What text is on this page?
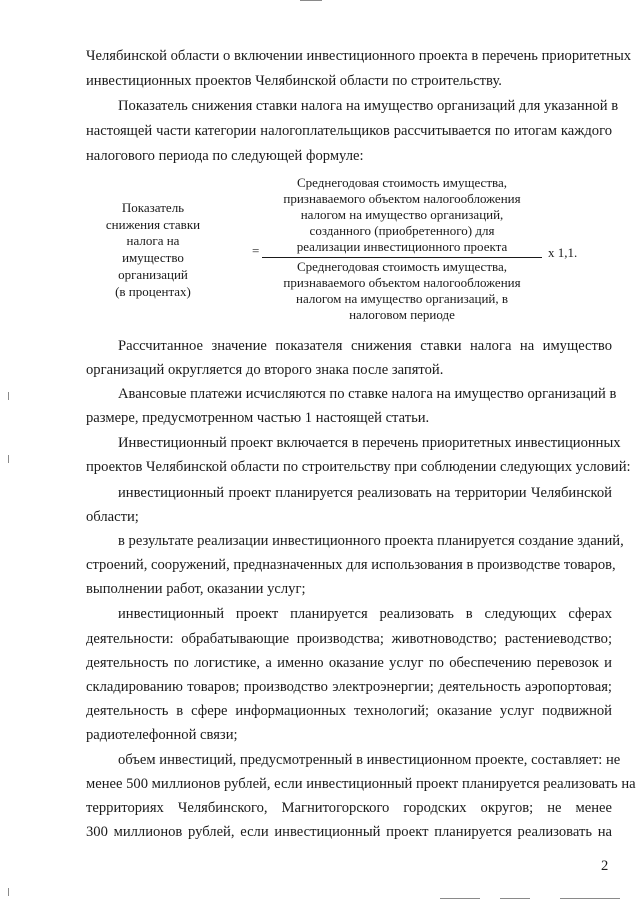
Челябинской области о включении инвестиционного проекта в перечень приоритетных
инвестиционных проектов Челябинской области по строительству.
Показатель снижения ставки налога на имущество организаций для указанной в
настоящей части категории налогоплательщиков рассчитывается по итогам каждого
налогового периода по следующей формуле:
Показатель
снижения ставки
налога на
имущество
организаций
(в процентах)
=
Среднегодовая стоимость имущества,
признаваемого объектом налогообложения
налогом на имущество организаций,
созданного (приобретенного) для
реализации инвестиционного проекта	х 1,1.
Среднегодовая стоимость имущества,
признаваемого объектом налогообложения
налогом на имущество организаций, в
налоговом периоде
Рассчитанное значение показателя снижения ставки налога на имущество
организаций округляется до второго знака после запятой.
Авансовые платежи исчисляются по ставке налога на имущество организаций в
размере, предусмотренном частью 1 настоящей статьи.
Инвестиционный проект включается в перечень приоритетных инвестиционных
проектов Челябинской области по строительству при соблюдении следующих условий:
инвестиционный проект планируется реализовать на территории Челябинской
области;
в результате реализации инвестиционного проекта планируется создание зданий,
строений, сооружений, предназначенных для использования в производстве товаров,
выполнении работ, оказании услуг;
инвестиционный проект планируется реализовать в следующих сферах
деятельности: обрабатывающие производства; животноводство; растениеводство;
деятельность по логистике, а именно оказание услуг по обеспечению перевозок и
складированию товаров; производство электроэнергии; деятельность аэропортовая;
деятельность в сфере информационных технологий; оказание услуг подвижной
радиотелефонной связи;
объем инвестиций, предусмотренный в инвестиционном проекте, составляет: не
менее 500 миллионов рублей, если инвестиционный проект планируется реализовать на
территориях Челябинского, Магнитогорского городских округов; не менее
300 миллионов рублей, если инвестиционный проект планируется реализовать на
2
